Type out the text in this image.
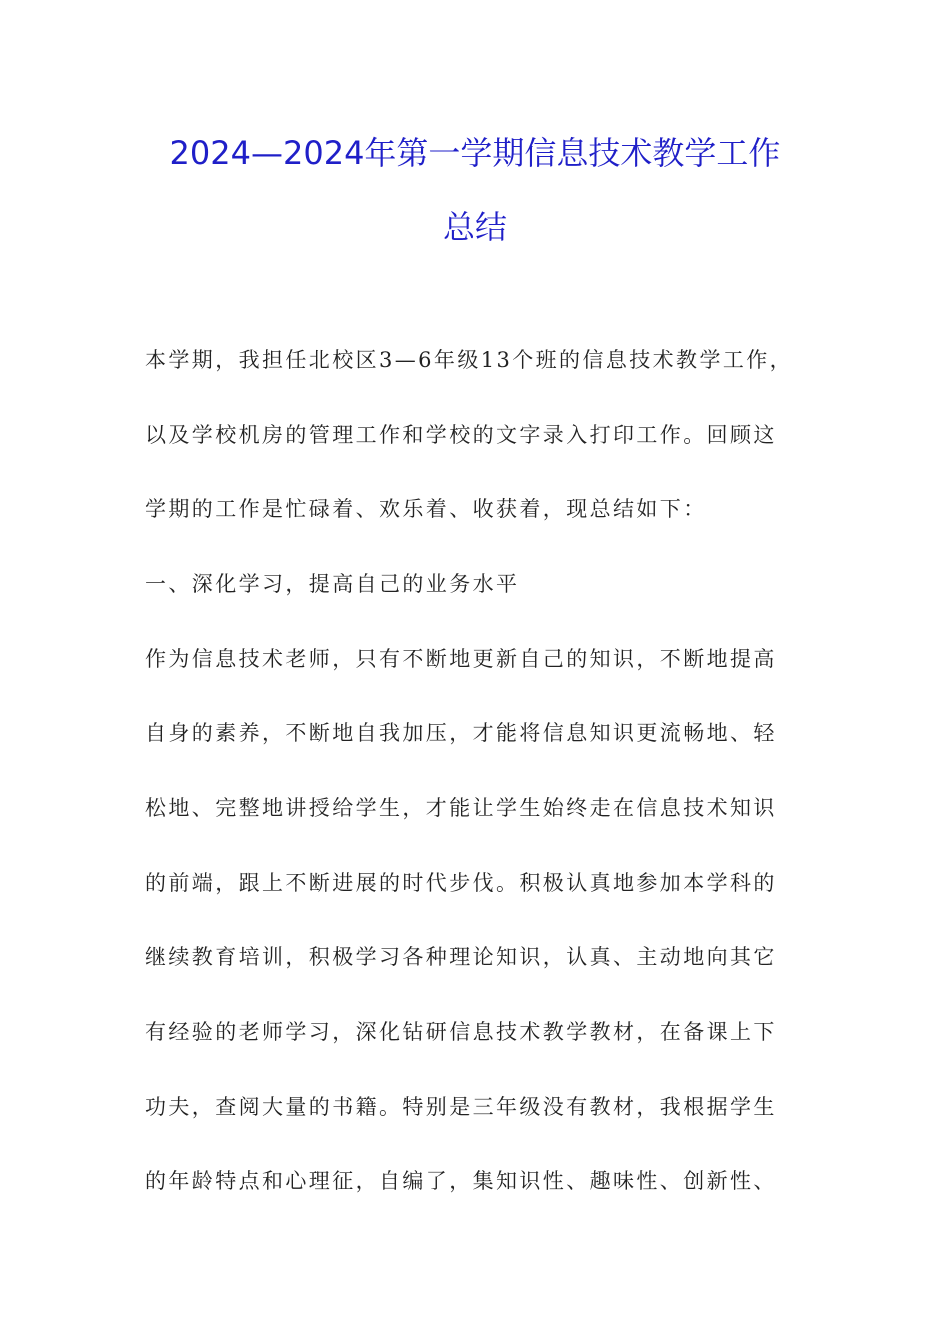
2024—2024年第一学期信息技术教学工作
总结
本学期，我担任北校区3—6年级13个班的信息技术教学工作，
以及学校机房的管理工作和学校的文字录入打印工作。回顾这
学期的工作是忙碌着、欢乐着、收获着，现总结如下：
一、深化学习，提高自己的业务水平
作为信息技术老师，只有不断地更新自己的知识，不断地提高
自身的素养，不断地自我加压，才能将信息知识更流畅地、轻
松地、完整地讲授给学生，才能让学生始终走在信息技术知识
的前端，跟上不断进展的时代步伐。积极认真地参加本学科的
继续教育培训，积极学习各种理论知识，认真、主动地向其它
有经验的老师学习，深化钻研信息技术教学教材，在备课上下
功夫，查阅大量的书籍。特别是三年级没有教材，我根据学生
的年龄特点和心理征，自编了，集知识性、趣味性、创新性、
